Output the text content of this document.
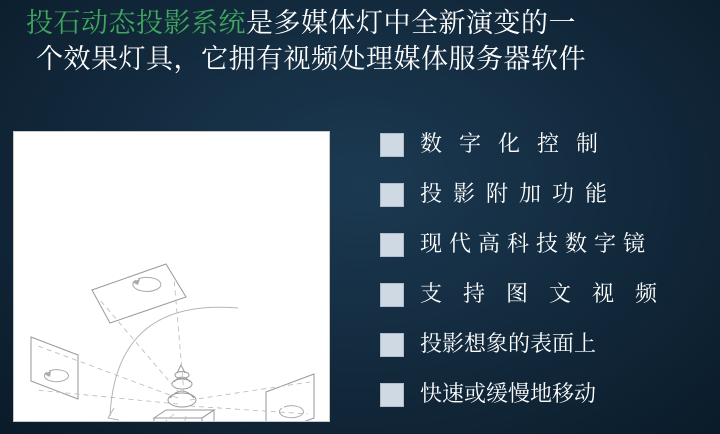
投石动态投影系统是多媒体灯中全新演变的一
个效果灯具，它拥有视频处理媒体服务器软件
数 字 化 控 制
投 影 附 加 功 能
现 代 高 科 技 数 字 镜
支 持 图 文 视 频
投影想象的表面上
快速或缓慢地移动
